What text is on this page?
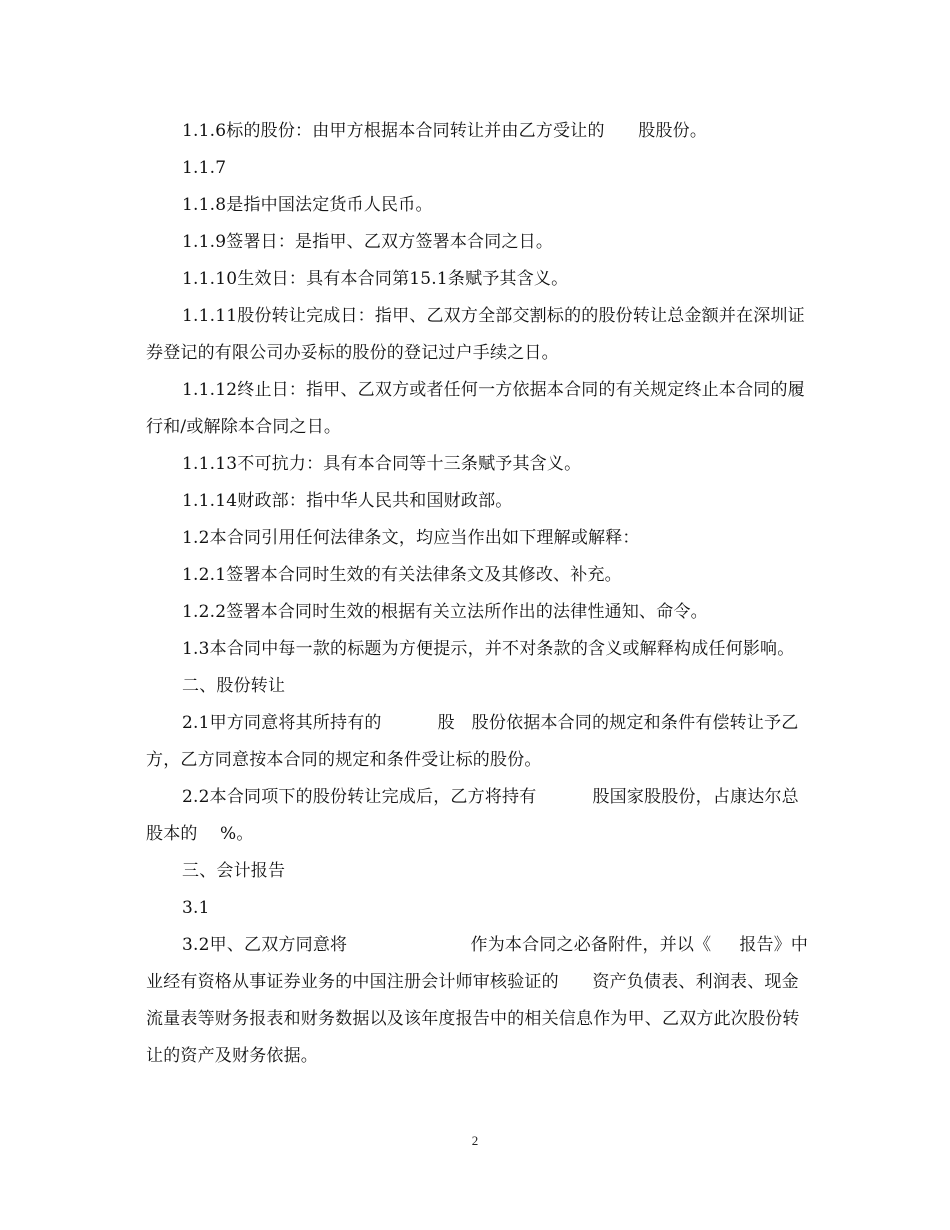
1.1.6标的股份：由甲方根据本合同转让并由乙方受让的      股股份。

1.1.7

1.1.8是指中国法定货币人民币。

1.1.9签署日：是指甲、乙双方签署本合同之日。

1.1.10生效日：具有本合同第15.1条赋予其含义。

1.1.11股份转让完成日：指甲、乙双方全部交割标的的股份转让总金额并在深圳证券登记的有限公司办妥标的股份的登记过户手续之日。

1.1.12终止日：指甲、乙双方或者任何一方依据本合同的有关规定终止本合同的履行和/或解除本合同之日。

1.1.13不可抗力：具有本合同等十三条赋予其含义。

1.1.14财政部：指中华人民共和国财政部。

1.2本合同引用任何法律条文，均应当作出如下理解或解释：

1.2.1签署本合同时生效的有关法律条文及其修改、补充。

1.2.2签署本合同时生效的根据有关立法所作出的法律性通知、命令。

1.3本合同中每一款的标题为方便提示，并不对条款的含义或解释构成任何影响。

二、股份转让

2.1甲方同意将其所持有的          股   股份依据本合同的规定和条件有偿转让予乙方，乙方同意按本合同的规定和条件受让标的股份。

2.2本合同项下的股份转让完成后，乙方将持有          股国家股股份，占康达尔总股本的    %。

三、会计报告

3.1

3.2甲、乙双方同意将                      作为本合同之必备附件，并以《     报告》中业经有资格从事证券业务的中国注册会计师审核验证的      资产负债表、利润表、现金流量表等财务报表和财务数据以及该年度报告中的相关信息作为甲、乙双方此次股份转让的资产及财务依据。

2
